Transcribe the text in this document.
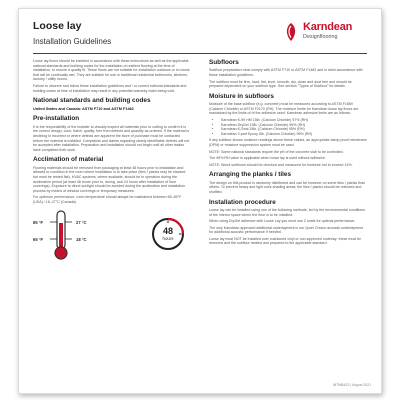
Loose lay
Installation Guidelines
Karndean
Designflooring

Loose lay floors should be installed in accordance with these instructions as well as the applicable national standards and building codes for the installation of resilient flooring at the time of installation, to ensure a quality fit. These floors are not suitable for installation outdoors or in rooms that will be continually wet. They are suitable for use in traditional residential bathrooms, kitchens, laundry / utility rooms.

Failure to observe and follow these installation guidelines and / or correct national standards and building codes at time of installation may result in any potential warranty claim being void.

National standards and building codes
United States and Canada: ASTM F710 and ASTM F1482
Pre-installation

It is the responsibility of the installer to visually inspect all materials prior to cutting to confirm it is the correct design, color, batch, quality, free from defects and quantity as ordered. If the material is declining in incorrect or where defects are apparent the store of purchase must be contacted before the material is installed. Complaints and claims regarding clearly identifiable defects will not be accepted after installation. Preparation and installation should not begin until all other trades have completed their work.

Acclimation of material

Flooring materials should be removed from packaging at least 48 hours prior to installation and allowed to condition in the room where installation is to take place (tiles / planks may be stacked but must be rested flat). HVAC systems, where available, should be in operation during the acclimation period (at least 48 hours prior to, during, and 24 hours after installation of floor coverings). Exposure to direct sunlight should be avoided during the acclimation and installation process by means of window coverings or temporary measures.

For optimum performance, room temperature should always be maintained between 65–85°F (USA) / 18–27°C (Canada).

85 °F	27 °C
65 °F	18 °C
48
hours
Subfloors

Subfloor preparation must comply with ASTM F710 or ASTM F1482 and in strict accordance with these installation guidelines.

The subfloor must be firm, hard, flat, level, smooth, dry, clean and dust free and should be prepared dependent on your subfloor type. See section "Types of Subfloor" for details.

Moisture in subfloors

Moisture of the base subfloor (e.g. concrete) must be measured according to ASTM F1869 (Calcium Chloride) or ASTM F2170 (RH). The moisture limits for Karndean loose lay floors are maintained by the limits of of the adhesive used. Karndean adhesive limits are as follows:

• Karndean K-99 HM 15lb. (Calcium Chloride) 97% (RH)
• Karndean DryGel 15lb. (Calcium Chloride) 95% (RH)
• Karndean K-Seal 15lb. (Calcium Chloride) 95% (RH)
• Karndean 2-part Epoxy 8lb. (Calcium Chloride) 95% (RH)

If any subfloor shows moisture readings above these values, an appropriate damp proof membrane (DPM) or moisture suppression system must be used.

NOTE: Some national standards require the pH of the concrete slab to be controlled.

The 95% RH value is applicable when loose lay is used without adhesive.

NOTE: Wood subfloors should be checked and measured for moisture not to exceed 14%.

Arranging the planks / tiles

The design on this product is randomly distributed and can be however on some tiles / planks than others. To prevent heavy and light color shading areas, the tiles / planks should be unboxed and shuffled.

Installation procedure

Loose lay can be installed using one of the following methods, led by the environmental conditions of the interior space where the floor is to be installed.

When using DryGel adhesive with Loose Lay you must use 2 coats for optimal performance.

The only Karndean approved additional underlayment is our Quiet Choice acoustic underlayment for additional acoustic performance if needed.

Loose lay must NOT be installed over cushioned vinyl or non-approved underlay; these must be removed and the subfloor treated and prepared to the applicable standard.

INTMBA22 | August 2021
